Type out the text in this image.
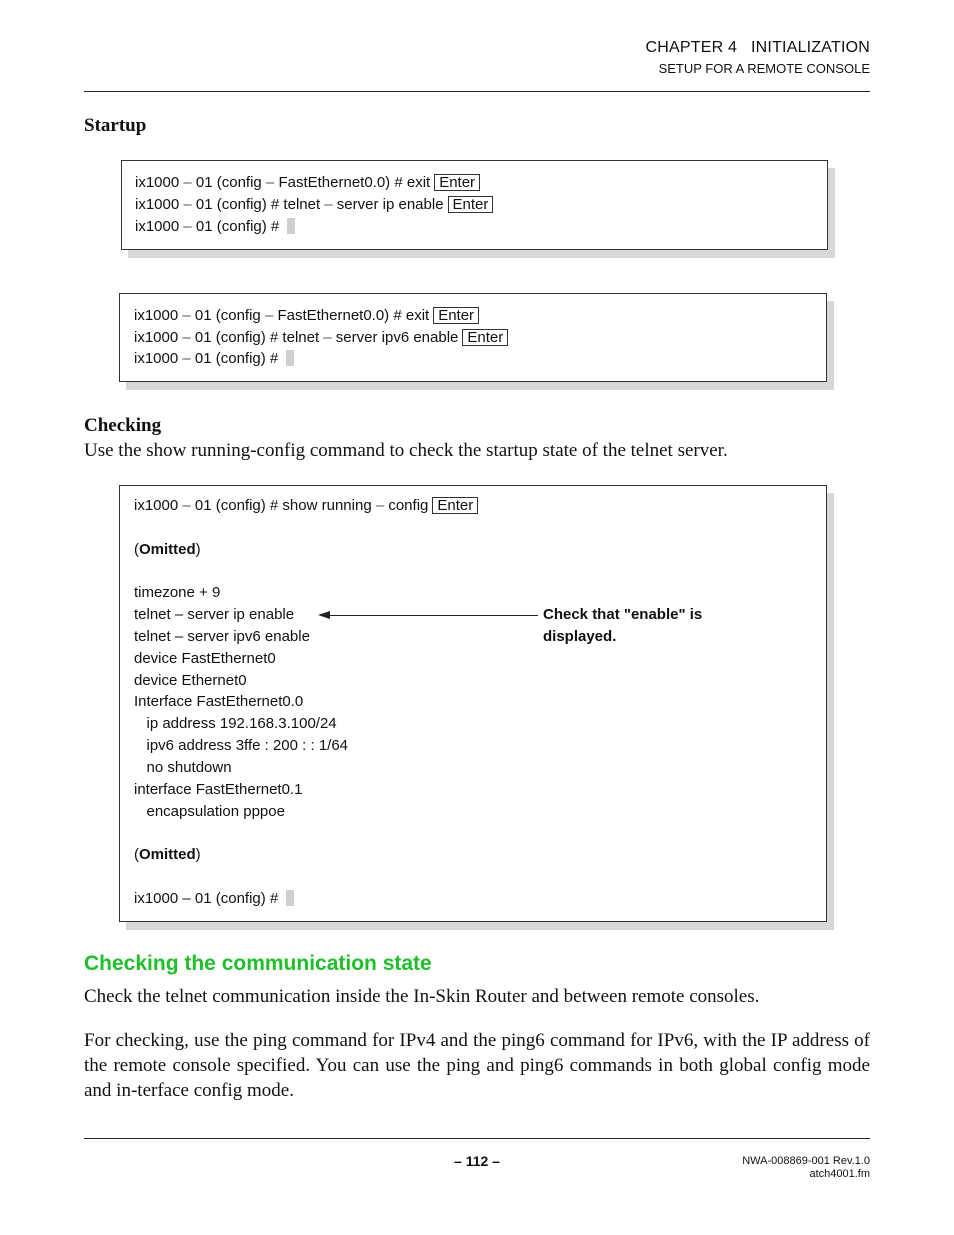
CHAPTER 4   INITIALIZATION
SETUP FOR A REMOTE CONSOLE
Startup
ix1000 – 01 (config – FastEthernet0.0) # exit Enter
ix1000 – 01 (config) # telnet – server ip enable Enter
ix1000 – 01 (config) #
ix1000 – 01 (config – FastEthernet0.0) # exit Enter
ix1000 – 01 (config) # telnet – server ipv6 enable Enter
ix1000 – 01 (config) #
Checking
Use the show running-config command to check the startup state of the telnet server.
ix1000 – 01 (config) # show running – config Enter
(Omitted)
timezone + 9
telnet – server ip enable
telnet – server ipv6 enable
device FastEthernet0
device Ethernet0
Interface FastEthernet0.0
ip address 192.168.3.100/24
ipv6 address 3ffe : 200 : : 1/64
no shutdown
interface FastEthernet0.1
encapsulation pppoe
(Omitted)
ix1000 – 01 (config) #
Check that "enable" is
displayed.
Checking the communication state
Check the telnet communication inside the In-Skin Router and between remote consoles.
For checking, use the ping command for IPv4 and the ping6 command for IPv6, with the IP address of the remote console specified. You can use the ping and ping6 commands in both global config mode and in-terface config mode.
– 112 –	NWA-008869-001 Rev.1.0
atch4001.fm
